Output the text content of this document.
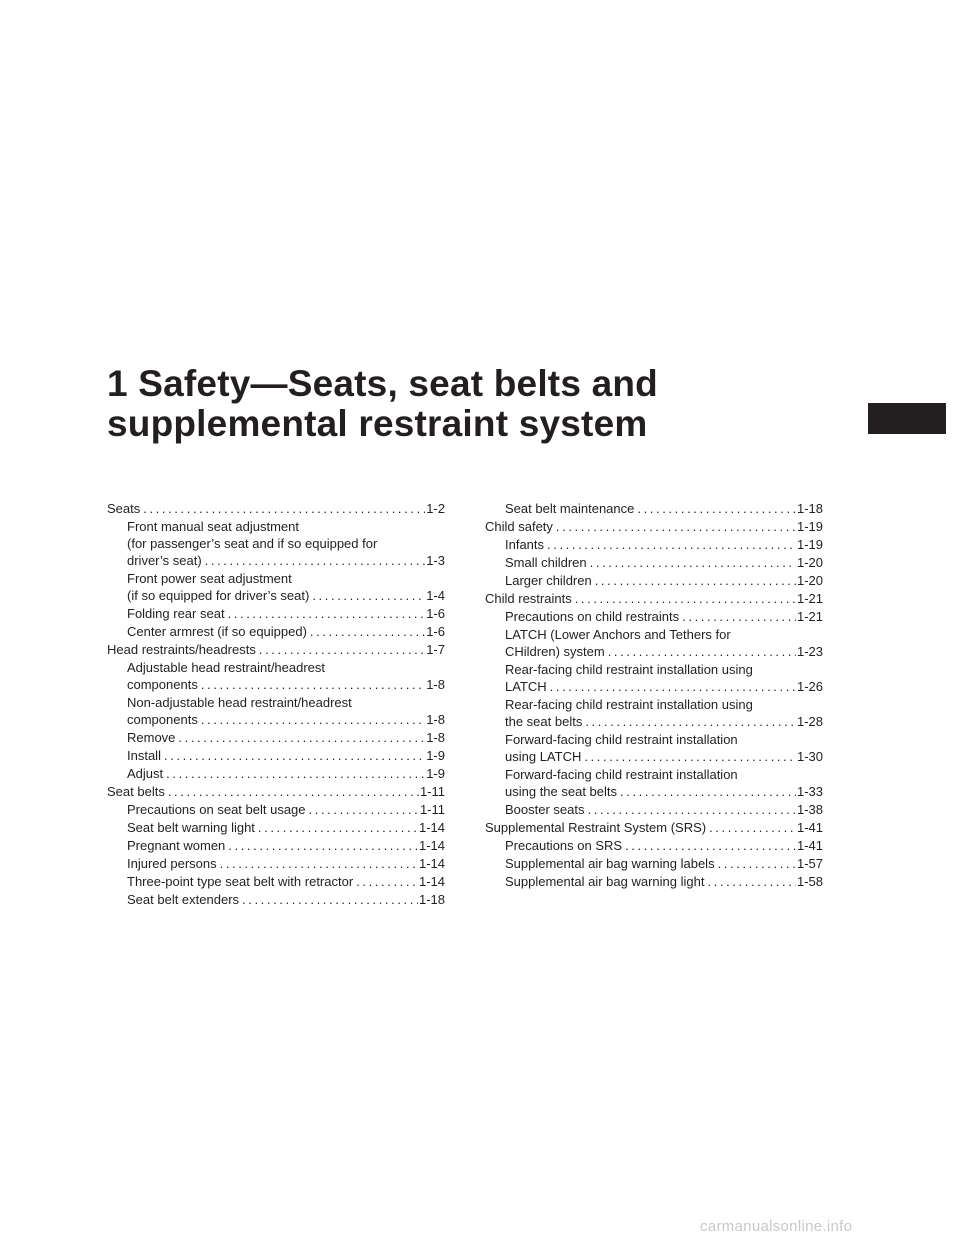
1 Safety—Seats, seat belts and
supplemental restraint system
Seats .....	1-2
Front manual seat adjustment
(for passenger’s seat and if so equipped for
driver’s seat) .....	1-3
Front power seat adjustment
(if so equipped for driver’s seat) .....	1-4
Folding rear seat .....	1-6
Center armrest (if so equipped) .....	1-6
Head restraints/headrests .....	1-7
Adjustable head restraint/headrest
components .....	1-8
Non-adjustable head restraint/headrest
components .....	1-8
Remove .....	1-8
Install .....	1-9
Adjust .....	1-9
Seat belts .....	1-11
Precautions on seat belt usage .....	1-11
Seat belt warning light .....	1-14
Pregnant women .....	1-14
Injured persons .....	1-14
Three-point type seat belt with retractor .....	1-14
Seat belt extenders .....	1-18
Seat belt maintenance .....	1-18
Child safety .....	1-19
Infants .....	1-19
Small children .....	1-20
Larger children .....	1-20
Child restraints .....	1-21
Precautions on child restraints .....	1-21
LATCH (Lower Anchors and Tethers for
CHildren) system .....	1-23
Rear-facing child restraint installation using
LATCH .....	1-26
Rear-facing child restraint installation using
the seat belts .....	1-28
Forward-facing child restraint installation
using LATCH .....	1-30
Forward-facing child restraint installation
using the seat belts .....	1-33
Booster seats .....	1-38
Supplemental Restraint System (SRS) .....	1-41
Precautions on SRS .....	1-41
Supplemental air bag warning labels .....	1-57
Supplemental air bag warning light .....	1-58
carmanualsonline.info
